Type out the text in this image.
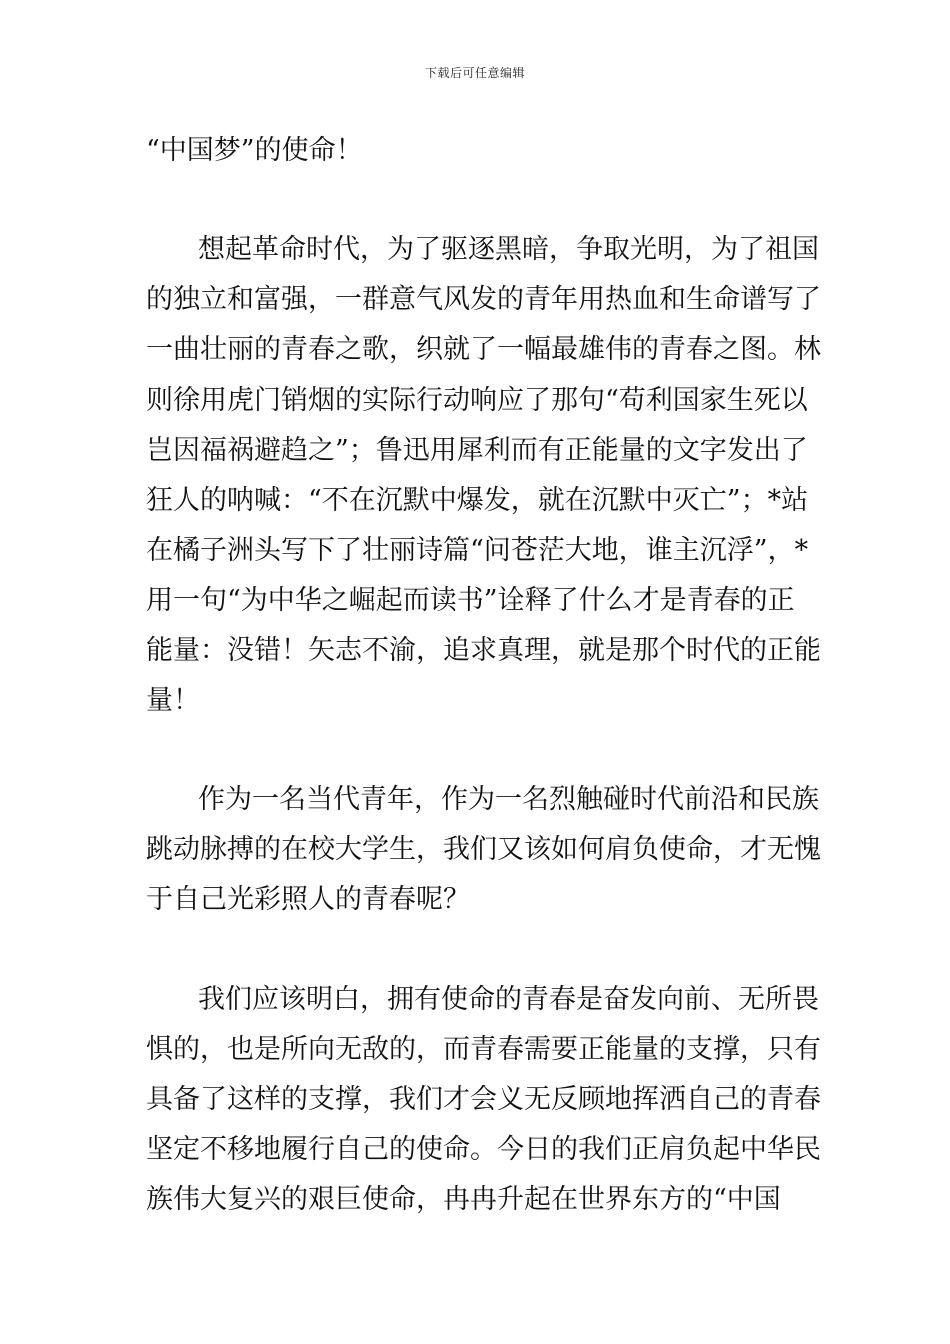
下载后可任意编辑
“中国梦”的使命！
想起革命时代，为了驱逐黑暗，争取光明，为了祖国
的独立和富强，一群意气风发的青年用热血和生命谱写了
一曲壮丽的青春之歌，织就了一幅最雄伟的青春之图。林
则徐用虎门销烟的实际行动响应了那句“苟利国家生死以
岂因福祸避趋之”；鲁迅用犀利而有正能量的文字发出了
狂人的呐喊：“不在沉默中爆发，就在沉默中灭亡”；*站
在橘子洲头写下了壮丽诗篇“问苍茫大地，谁主沉浮”，*
用一句“为中华之崛起而读书”诠释了什么才是青春的正
能量：没错！矢志不渝，追求真理，就是那个时代的正能
量！
作为一名当代青年，作为一名烈触碰时代前沿和民族
跳动脉搏的在校大学生，我们又该如何肩负使命，才无愧
于自己光彩照人的青春呢？
我们应该明白，拥有使命的青春是奋发向前、无所畏
惧的，也是所向无敌的，而青春需要正能量的支撑，只有
具备了这样的支撑，我们才会义无反顾地挥洒自己的青春
坚定不移地履行自己的使命。今日的我们正肩负起中华民
族伟大复兴的艰巨使命，冉冉升起在世界东方的“中国
